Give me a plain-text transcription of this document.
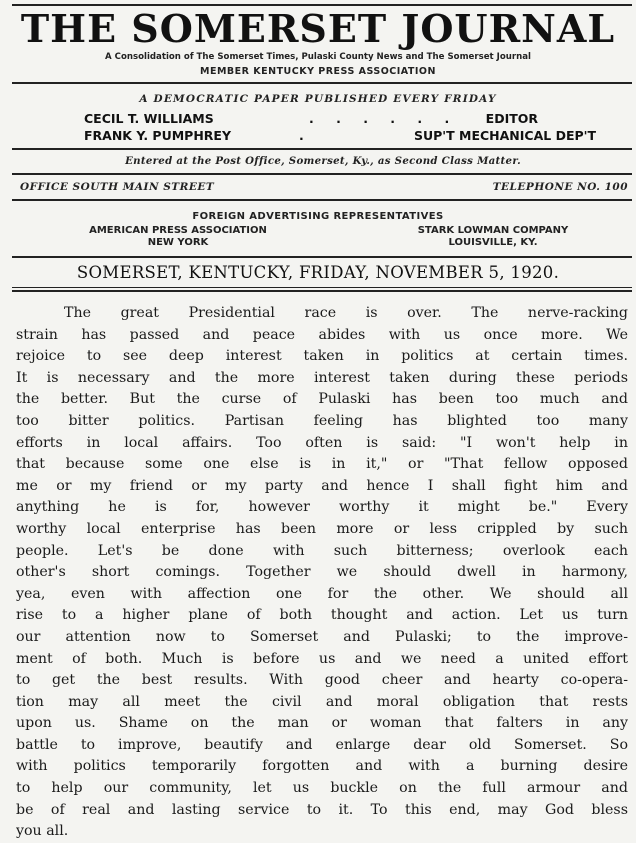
THE SOMERSET JOURNAL
A Consolidation of The Somerset Times, Pulaski County News and The Somerset Journal
MEMBER KENTUCKY PRESS ASSOCIATION
A DEMOCRATIC PAPER PUBLISHED EVERY FRIDAY
CECIL T. WILLIAMS	. . . . . . EDITOR
FRANK Y. PUMPHREY	.	SUP'T MECHANICAL DEP'T
Entered at the Post Office, Somerset, Ky., as Second Class Matter.
OFFICE SOUTH MAIN STREET	TELEPHONE NO. 100
FOREIGN ADVERTISING REPRESENTATIVES
AMERICAN PRESS ASSOCIATION
NEW YORK
STARK LOWMAN COMPANY
LOUISVILLE, KY.
SOMERSET, KENTUCKY, FRIDAY, NOVEMBER 5, 1920.
The great Presidential race is over. The nerve-racking
strain has passed and peace abides with us once more. We
rejoice to see deep interest taken in politics at certain times.
It is necessary and the more interest taken during these periods
the better. But the curse of Pulaski has been too much and
too bitter politics. Partisan feeling has blighted too many
efforts in local affairs. Too often is said: "I won't help in
that because some one else is in it," or "That fellow opposed
me or my friend or my party and hence I shall fight him and
anything he is for, however worthy it might be." Every
worthy local enterprise has been more or less crippled by such
people. Let's be done with such bitterness; overlook each
other's short comings. Together we should dwell in harmony,
yea, even with affection one for the other. We should all
rise to a higher plane of both thought and action. Let us turn
our attention now to Somerset and Pulaski; to the improve-
ment of both. Much is before us and we need a united effort
to get the best results. With good cheer and hearty co-opera-
tion may all meet the civil and moral obligation that rests
upon us. Shame on the man or woman that falters in any
battle to improve, beautify and enlarge dear old Somerset. So
with politics temporarily forgotten and with a burning desire
to help our community, let us buckle on the full armour and
be of real and lasting service to it. To this end, may God bless
you all.
